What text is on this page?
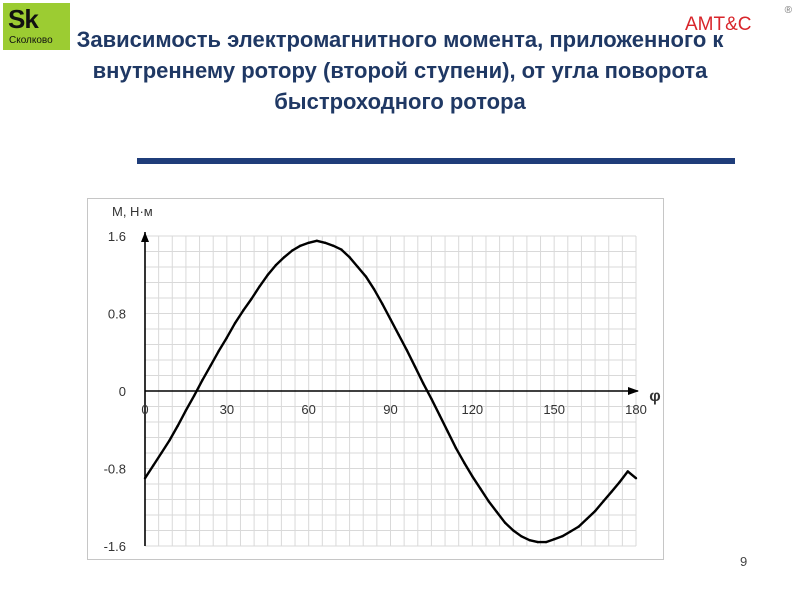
Sk
Сколково
АМТ&С
®
Зависимость электромагнитного момента, приложенного к внутреннему ротору (второй ступени), от угла поворота быстроходного ротора
1.6
0.8
0
-0.8
-1.6
0	30	60	90	120	150	180
M, Н·м
φ
9
